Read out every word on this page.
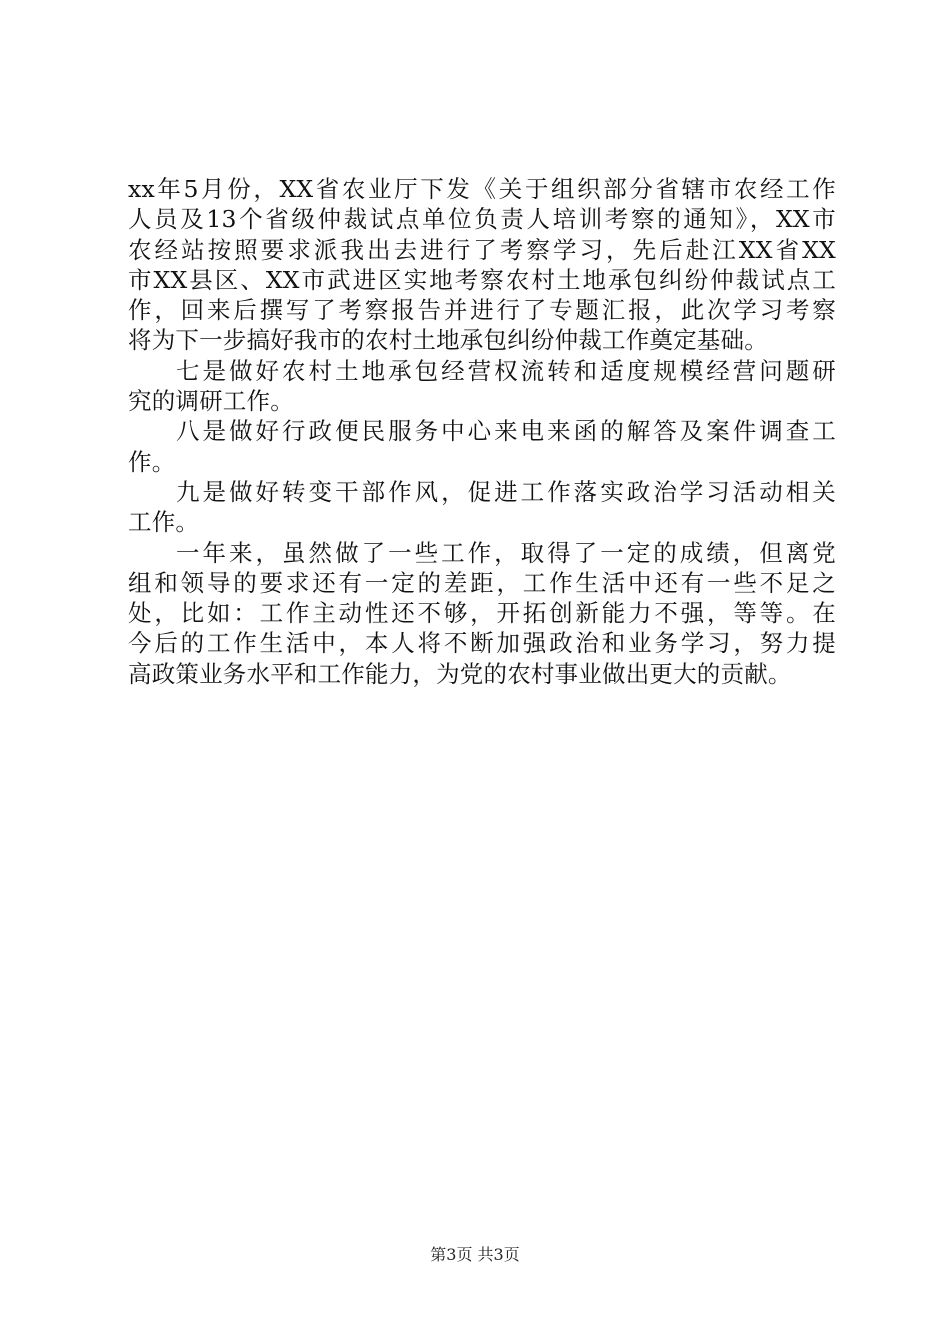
xx年5月份，XX省农业厅下发《关于组织部分省辖市农经工作
人员及13个省级仲裁试点单位负责人培训考察的通知》，XX市
农经站按照要求派我出去进行了考察学习，先后赴江XX省XX
市XX县区、XX市武进区实地考察农村土地承包纠纷仲裁试点工
作，回来后撰写了考察报告并进行了专题汇报，此次学习考察
将为下一步搞好我市的农村土地承包纠纷仲裁工作奠定基础。
七是做好农村土地承包经营权流转和适度规模经营问题研
究的调研工作。
八是做好行政便民服务中心来电来函的解答及案件调查工
作。
九是做好转变干部作风，促进工作落实政治学习活动相关
工作。
一年来，虽然做了一些工作，取得了一定的成绩，但离党
组和领导的要求还有一定的差距，工作生活中还有一些不足之
处，比如：工作主动性还不够，开拓创新能力不强，等等。在
今后的工作生活中，本人将不断加强政治和业务学习，努力提
高政策业务水平和工作能力，为党的农村事业做出更大的贡献。
第3页 共3页
